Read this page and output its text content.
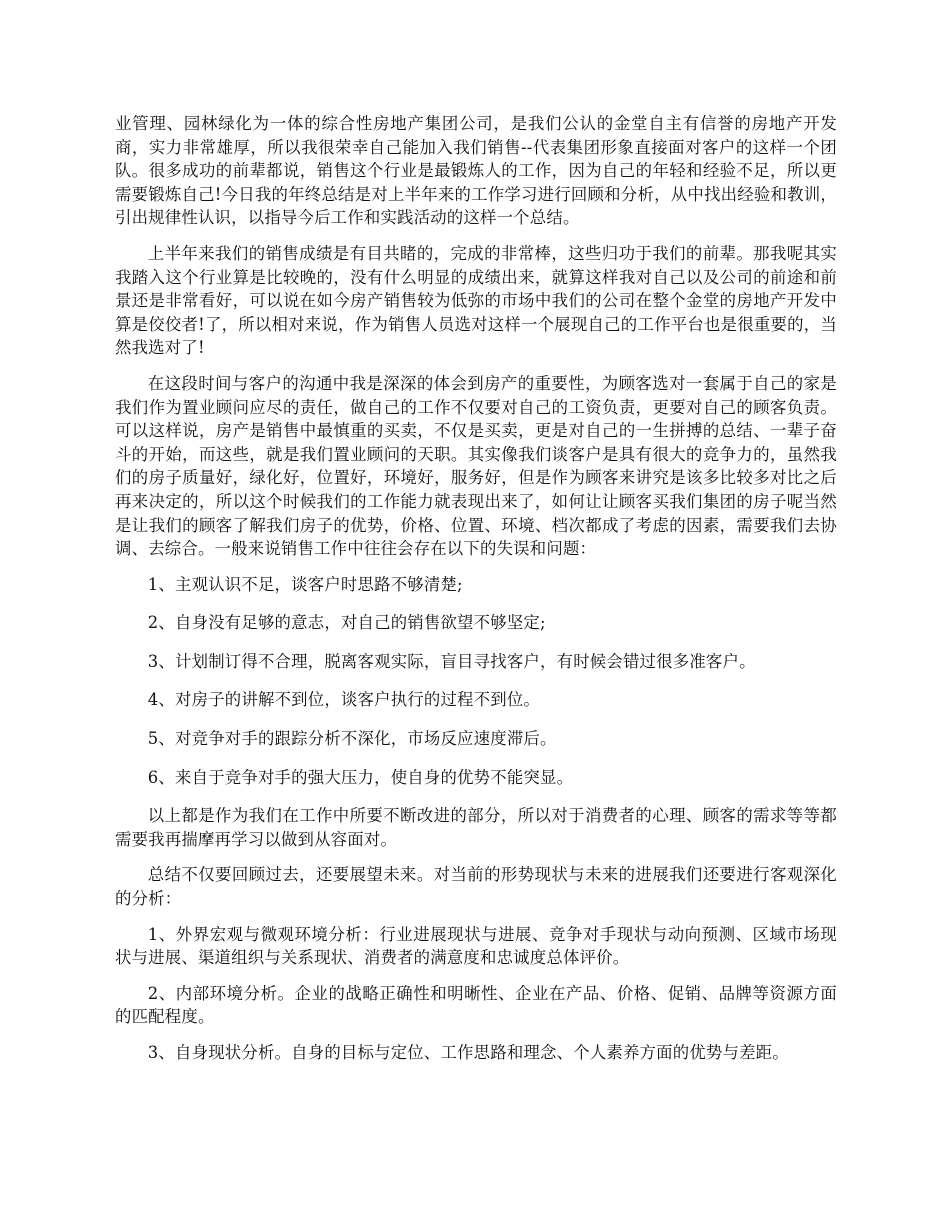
业管理、园林绿化为一体的综合性房地产集团公司，是我们公认的金堂自主有信誉的房地产开发商，实力非常雄厚，所以我很荣幸自己能加入我们销售--代表集团形象直接面对客户的这样一个团队。很多成功的前辈都说，销售这个行业是最锻炼人的工作，因为自己的年轻和经验不足，所以更需要锻炼自己!今日我的年终总结是对上半年来的工作学习进行回顾和分析，从中找出经验和教训，引出规律性认识，以指导今后工作和实践活动的这样一个总结。

上半年来我们的销售成绩是有目共睹的，完成的非常棒，这些归功于我们的前辈。那我呢其实我踏入这个行业算是比较晚的，没有什么明显的成绩出来，就算这样我对自己以及公司的前途和前景还是非常看好，可以说在如今房产销售较为低弥的市场中我们的公司在整个金堂的房地产开发中算是佼佼者!了，所以相对来说，作为销售人员选对这样一个展现自己的工作平台也是很重要的，当然我选对了!

在这段时间与客户的沟通中我是深深的体会到房产的重要性，为顾客选对一套属于自己的家是我们作为置业顾问应尽的责任，做自己的工作不仅要对自己的工资负责，更要对自己的顾客负责。可以这样说，房产是销售中最慎重的买卖，不仅是买卖，更是对自己的一生拼搏的总结、一辈子奋斗的开始，而这些，就是我们置业顾问的天职。其实像我们谈客户是具有很大的竞争力的，虽然我们的房子质量好，绿化好，位置好，环境好，服务好，但是作为顾客来讲究是该多比较多对比之后再来决定的，所以这个时候我们的工作能力就表现出来了，如何让让顾客买我们集团的房子呢当然是让我们的顾客了解我们房子的优势，价格、位置、环境、档次都成了考虑的因素，需要我们去协调、去综合。一般来说销售工作中往往会存在以下的失误和问题：

1、主观认识不足，谈客户时思路不够清楚;

2、自身没有足够的意志，对自己的销售欲望不够坚定;

3、计划制订得不合理，脱离客观实际，盲目寻找客户，有时候会错过很多准客户。

4、对房子的讲解不到位，谈客户执行的过程不到位。

5、对竞争对手的跟踪分析不深化，市场反应速度滞后。

6、来自于竞争对手的强大压力，使自身的优势不能突显。

以上都是作为我们在工作中所要不断改进的部分，所以对于消费者的心理、顾客的需求等等都需要我再揣摩再学习以做到从容面对。

总结不仅要回顾过去，还要展望未来。对当前的形势现状与未来的进展我们还要进行客观深化的分析：

1、外界宏观与微观环境分析：行业进展现状与进展、竞争对手现状与动向预测、区域市场现状与进展、渠道组织与关系现状、消费者的满意度和忠诚度总体评价。

2、内部环境分析。企业的战略正确性和明晰性、企业在产品、价格、促销、品牌等资源方面的匹配程度。

3、自身现状分析。自身的目标与定位、工作思路和理念、个人素养方面的优势与差距。
